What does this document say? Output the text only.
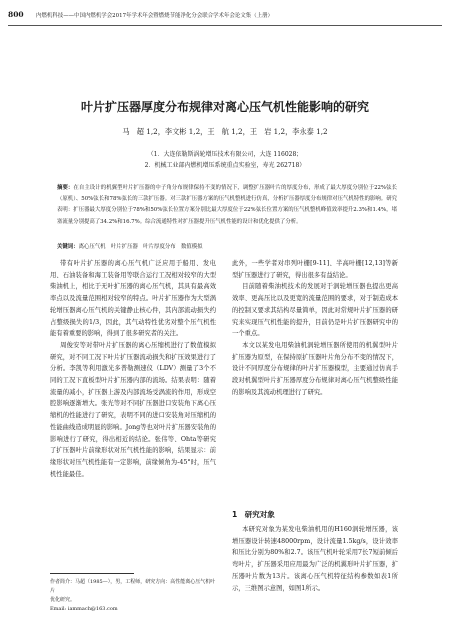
800 内燃机科技——中国内燃机学会2017年学术年会暨燃烧节能净化分会联合学术年会论文集（上册）
叶片扩压器厚度分布规律对离心压气机性能影响的研究
马　超 1,2，李文彬 1,2，王　航 1,2，王　岩 1,2，李永泰 1,2
（1．大连依勒斯涡轮增压技术有限公司，大连 116028；
2．机械工业部内燃机增压系统重点实验室，寿光 262718）
摘要：在自主设计的机翼型叶片扩压器的中子角分布规律保持不变的情况下，调整扩压器叶片的厚度分布，形成了最大厚度分别位于22%弦长（原机）、50%弦长和78%弦长的三款扩压器。对三款扩压器方案的压气机整机进行仿真，分析扩压器厚度分布规律对压气机特性的影响。研究表明：扩压器最大厚度分别位于78%和50%弦长位置方案分别比最大厚度位于22%弦长位置方案的压气机整机峰值效率提升2.3%和1.4%，堵塞流量分别提高了34.2%和16.7%。综合流通特性对扩压器提升压气机性能的设计和优化提供了分析。
关键词：离心压气机　叶片扩压器　叶片厚度分布　数值模拟

带有叶片扩压器的离心压气机广泛应用于船用、发电用、石油装备和海工装备用等联合运行工况相对较窄的大型柴油机上，相比于无叶扩压器的离心压气机，其具有最高效率点以及流量范围相对较窄的特点。叶片扩压器作为大型涡轮增压器离心压气机的关键静止核心件，其内部流动损失约占整级损失的1/3，因此，其气动特性优劣对整个压气机性能有着重要的影响，得到了很多研究者的关注。

周俊安等对带叶片扩压器的离心压缩机进行了数值模拟研究，对不同工况下叶片扩压器流动损失和扩压效果进行了分析。李凯等利用激光多普勒测速仪（LDV）测量了3个不同的工况下直板型叶片扩压器内部的流场。结果表明：随着流量的减小，扩压器上游及内部流场受涡流的作用，形成空腔影响逐渐增大。张光等对不同扩压器进口安装角下离心压缩机的性能进行了研究，表明不同的进口安装角对压缩机的性能曲线造成明显的影响。Jong等也对叶片扩压器安装角的影响进行了研究，得出相近的结论。张伟等、Ohta等研究了扩压器叶片前缘形状对压气机性能的影响，结果显示：前缘形状对压气机性能有一定影响，前缘倾角为-45°时，压气机性能最佳。

此外，一些学者对串列叶栅[9-11]、半高叶栅[12,13]等新型扩压器进行了研究，得出很多有益结论。

目前随着柴油机技术的发展对于涡轮增压器也提出更高效率、更高压比以及更宽的流量范围的要求，对于制造成本的控制又要求其结构尽量简单，因此对常规叶片扩压器的研究来实现压气机性能的提升，目前仍是叶片扩压器研究中的一个重点。

本文以某发电用柴油机涡轮增压器所使用的机翼型叶片扩压器为原型，在保持原扩压器叶片角分布不变的情况下，设计不同厚度分布规律的叶片扩压器模型，主要通过仿真手段对机翼型叶片扩压器厚度分布规律对离心压气机整级性能的影响及其流动机理进行了研究。

1　研究对象

本研究对象为某发电柴油机用的H160涡轮增压器，该增压器设计转速48000rpm，设计流量1.5kg/s，设计效率和压比分别为80%和2.7。该压气机叶轮采用7长7短前倾后弯叶片，扩压器采用应用最为广泛的机翼形叶片扩压器，扩压器叶片数为13片。该离心压气机特征结构参数如表1所示，三维图示意图，如图1所示。

作者简介：马超（1985—），男，工程师，研究方向：高性能离心压气机叶片
优化研究。
Email: iammach@163.com
